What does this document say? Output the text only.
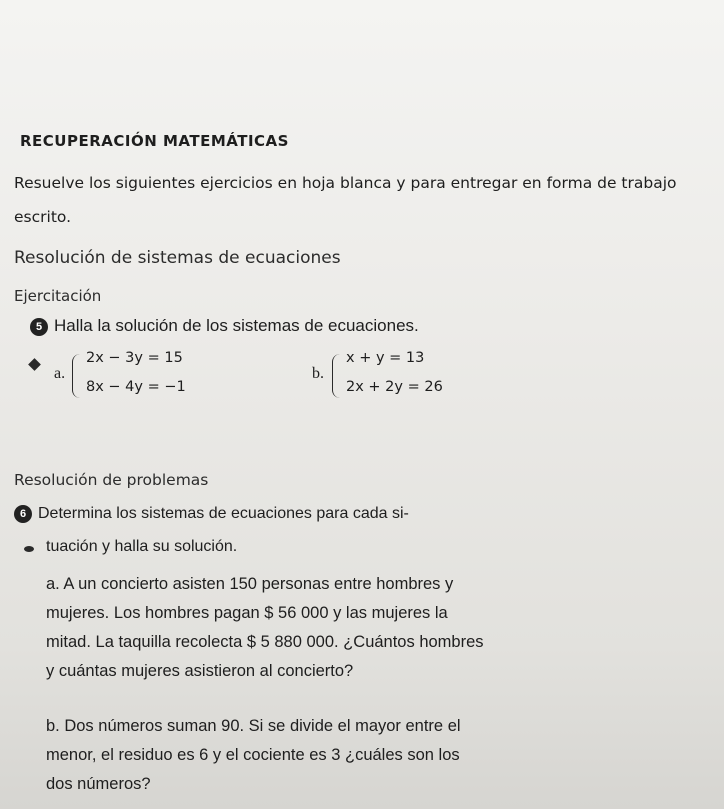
RECUPERACIÓN MATEMÁTICAS
Resuelve los siguientes ejercicios en hoja blanca y para entregar en forma de trabajo escrito.
Resolución de sistemas de ecuaciones
Ejercitación
5 Halla la solución de los sistemas de ecuaciones.
a.
2x − 3y = 15
8x − 4y = −1
b.
x + y = 13
2x + 2y = 26
Resolución de problemas
6 Determina los sistemas de ecuaciones para cada si-
tuación y halla su solución.
a. A un concierto asisten 150 personas entre hombres y mujeres. Los hombres pagan $ 56 000 y las mujeres la mitad. La taquilla recolecta $ 5 880 000. ¿Cuántos hombres y cuántas mujeres asistieron al concierto?
b. Dos números suman 90. Si se divide el mayor entre el menor, el residuo es 6 y el cociente es 3 ¿cuáles son los dos números?
